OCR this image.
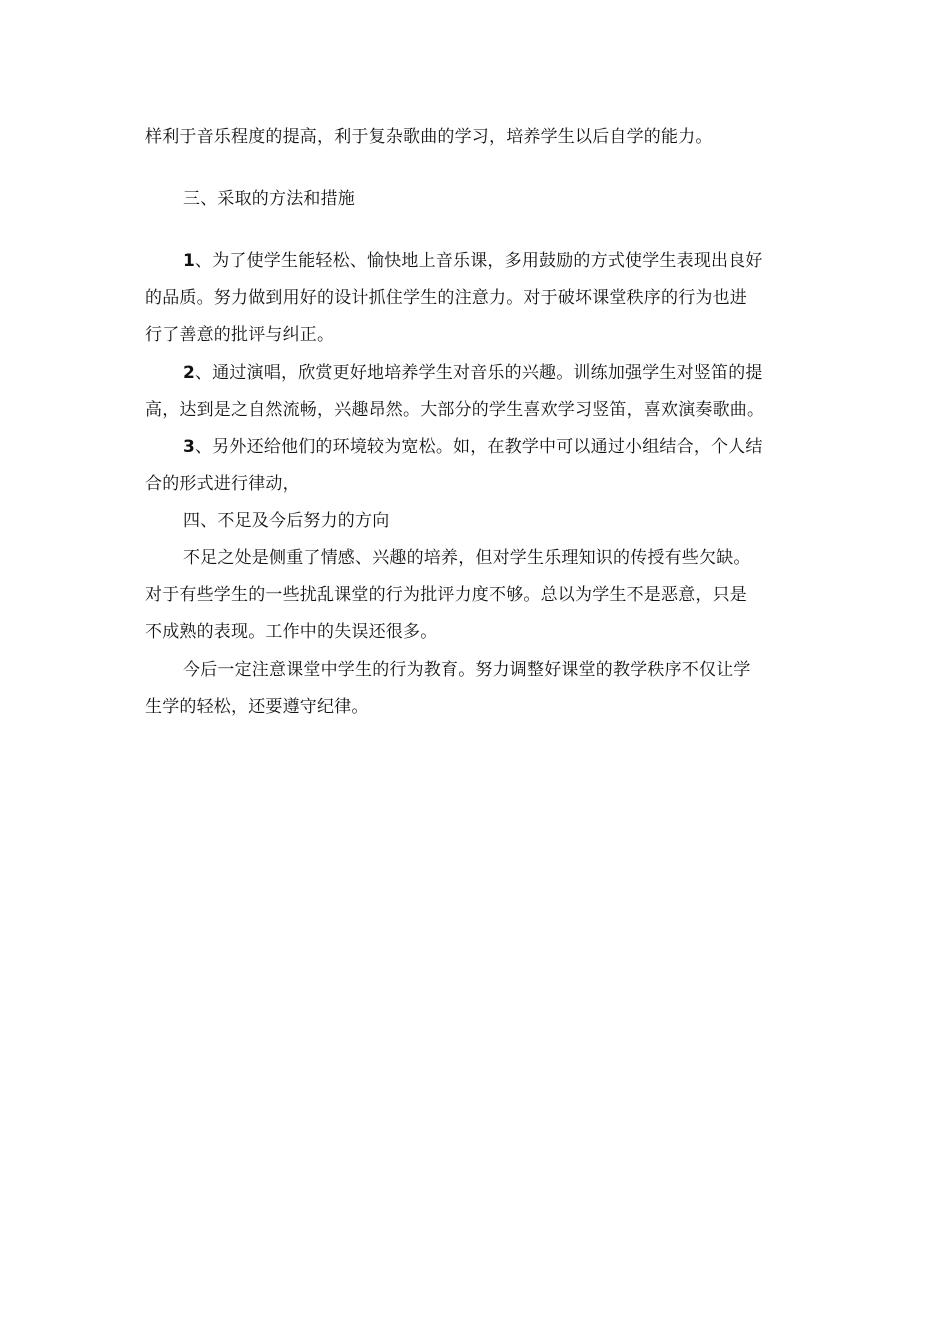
样利于音乐程度的提高，利于复杂歌曲的学习，培养学生以后自学的能力。
三、采取的方法和措施
1、为了使学生能轻松、愉快地上音乐课，多用鼓励的方式使学生表现出良好
的品质。努力做到用好的设计抓住学生的注意力。对于破坏课堂秩序的行为也进
行了善意的批评与纠正。
2、通过演唱，欣赏更好地培养学生对音乐的兴趣。训练加强学生对竖笛的提
高，达到是之自然流畅，兴趣昂然。大部分的学生喜欢学习竖笛，喜欢演奏歌曲。
3、另外还给他们的环境较为宽松。如，在教学中可以通过小组结合，个人结
合的形式进行律动，
四、不足及今后努力的方向
不足之处是侧重了情感、兴趣的培养，但对学生乐理知识的传授有些欠缺。
对于有些学生的一些扰乱课堂的行为批评力度不够。总以为学生不是恶意，只是
不成熟的表现。工作中的失误还很多。
今后一定注意课堂中学生的行为教育。努力调整好课堂的教学秩序不仅让学
生学的轻松，还要遵守纪律。
